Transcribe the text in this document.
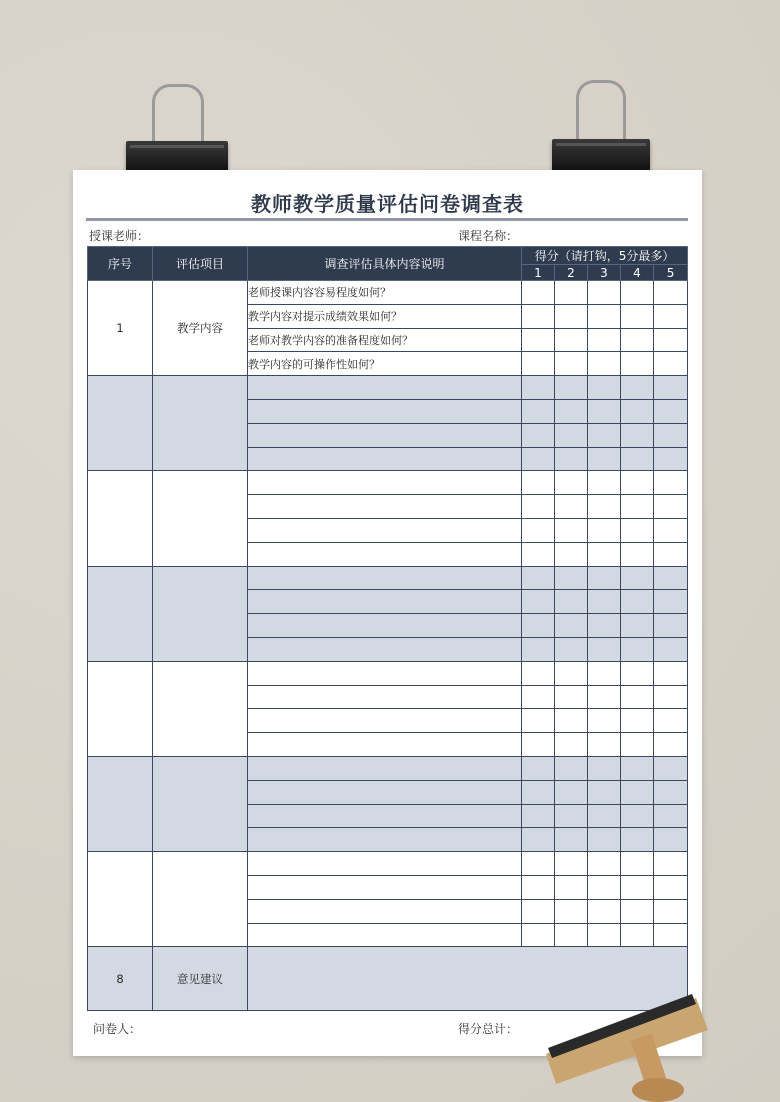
教师教学质量评估问卷调查表
授课老师：	课程名称：
序号	评估项目	调查评估具体内容说明	得分（请打钩，5分最多）				
			1	2	3	4	5
1	教学内容	老师授课内容容易程度如何？					
		教学内容对提示成绩效果如何？					
		老师对教学内容的准备程度如何？					
		教学内容的可操作性如何？					

8	意见建议						
问卷人：	得分总计：
